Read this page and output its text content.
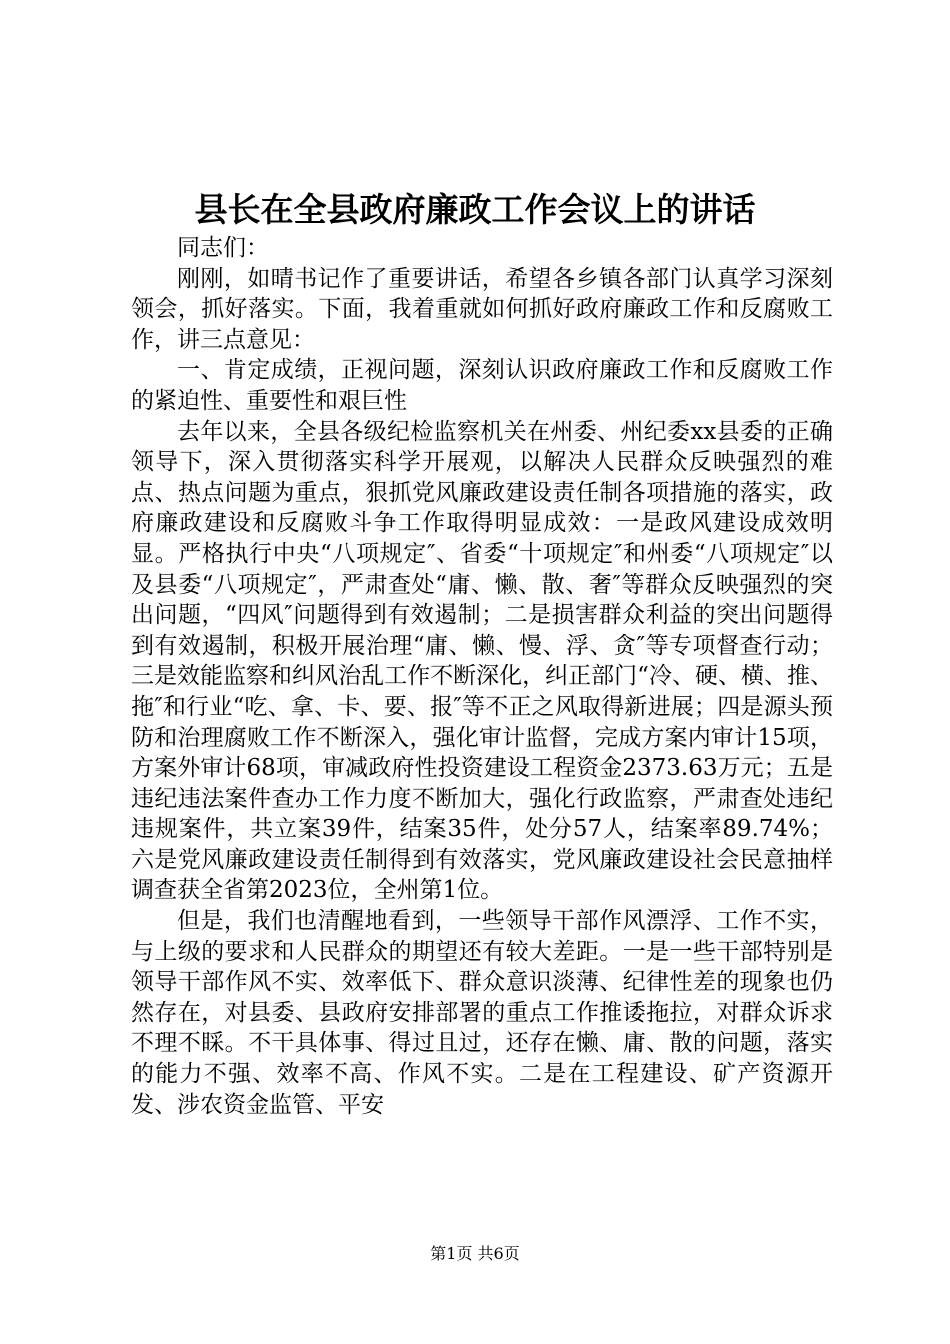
县长在全县政府廉政工作会议上的讲话

同志们：

刚刚，如晴书记作了重要讲话，希望各乡镇各部门认真学习深刻领会，抓好落实。下面，我着重就如何抓好政府廉政工作和反腐败工作，讲三点意见：

一、肯定成绩，正视问题，深刻认识政府廉政工作和反腐败工作的紧迫性、重要性和艰巨性

去年以来，全县各级纪检监察机关在州委、州纪委xx县委的正确领导下，深入贯彻落实科学开展观，以解决人民群众反映强烈的难点、热点问题为重点，狠抓党风廉政建设责任制各项措施的落实，政府廉政建设和反腐败斗争工作取得明显成效：一是政风建设成效明显。严格执行中央“八项规定″、省委“十项规定″和州委“八项规定″以及县委“八项规定″，严肃查处“庸、懒、散、奢″等群众反映强烈的突出问题，“四风″问题得到有效遏制；二是损害群众利益的突出问题得到有效遏制，积极开展治理“庸、懒、慢、浮、贪″等专项督查行动；三是效能监察和纠风治乱工作不断深化，纠正部门“冷、硬、横、推、拖″和行业“吃、拿、卡、要、报″等不正之风取得新进展；四是源头预防和治理腐败工作不断深入，强化审计监督，完成方案内审计15项，方案外审计68项，审减政府性投资建设工程资金2373.63万元；五是违纪违法案件查办工作力度不断加大，强化行政监察，严肃查处违纪违规案件，共立案39件，结案35件，处分57人，结案率89.74%；六是党风廉政建设责任制得到有效落实，党风廉政建设社会民意抽样调查获全省第2023位，全州第1位。

但是，我们也清醒地看到，一些领导干部作风漂浮、工作不实，与上级的要求和人民群众的期望还有较大差距。一是一些干部特别是领导干部作风不实、效率低下、群众意识淡薄、纪律性差的现象也仍然存在，对县委、县政府安排部署的重点工作推诿拖拉，对群众诉求不理不睬。不干具体事、得过且过，还存在懒、庸、散的问题，落实的能力不强、效率不高、作风不实。二是在工程建设、矿产资源开发、涉农资金监管、平安

第1页 共6页
